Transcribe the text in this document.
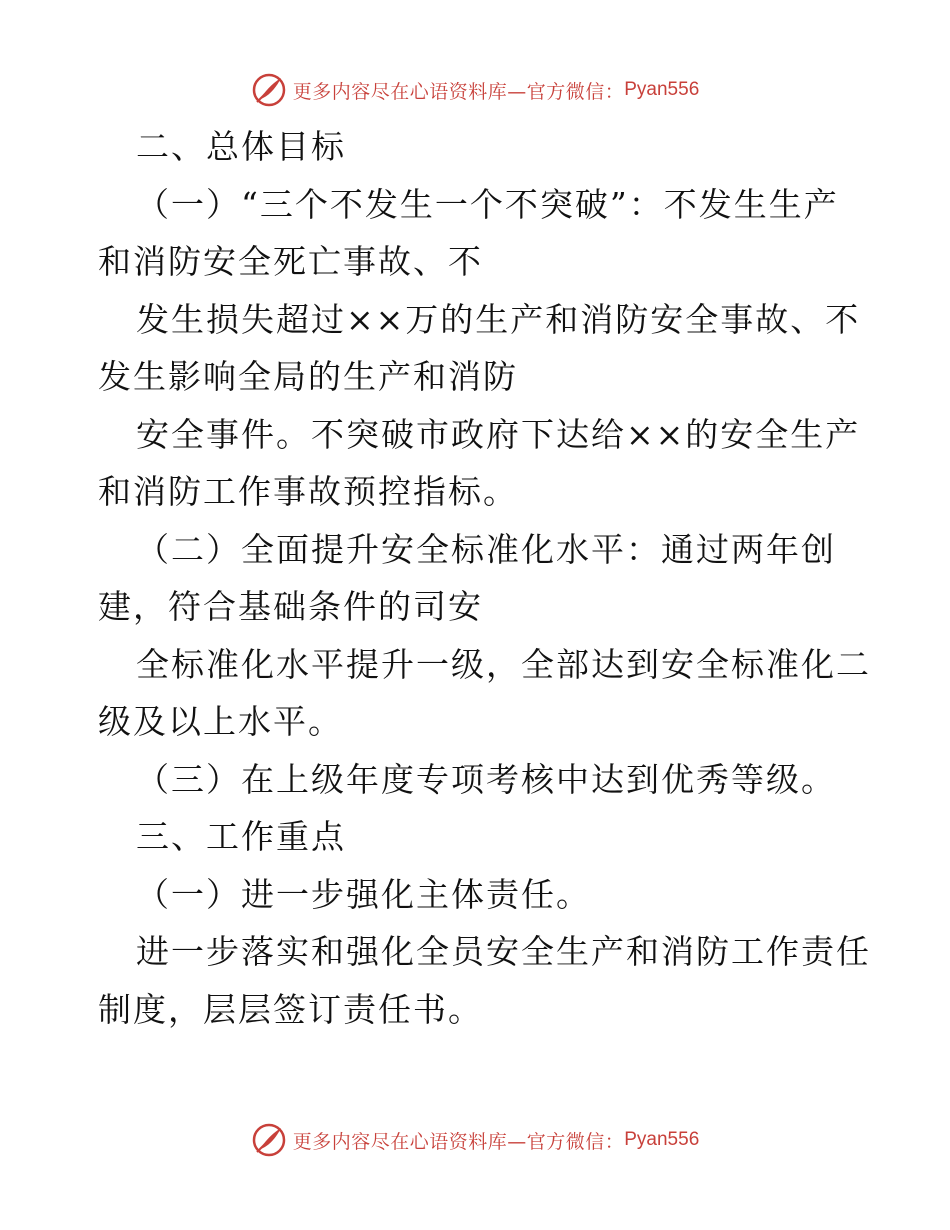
更多内容尽在心语资料库—官方微信： Pyan556
二、总体目标
（一）“三个不发生一个不突破”：不发生生产
和消防安全死亡事故、不
发生损失超过××万的生产和消防安全事故、不
发生影响全局的生产和消防
安全事件。不突破市政府下达给××的安全生产
和消防工作事故预控指标。
（二）全面提升安全标准化水平：通过两年创
建，符合基础条件的司安
全标准化水平提升一级，全部达到安全标准化二
级及以上水平。
（三）在上级年度专项考核中达到优秀等级。
三、工作重点
（一）进一步强化主体责任。
进一步落实和强化全员安全生产和消防工作责任
制度，层层签订责任书。
更多内容尽在心语资料库—官方微信： Pyan556
